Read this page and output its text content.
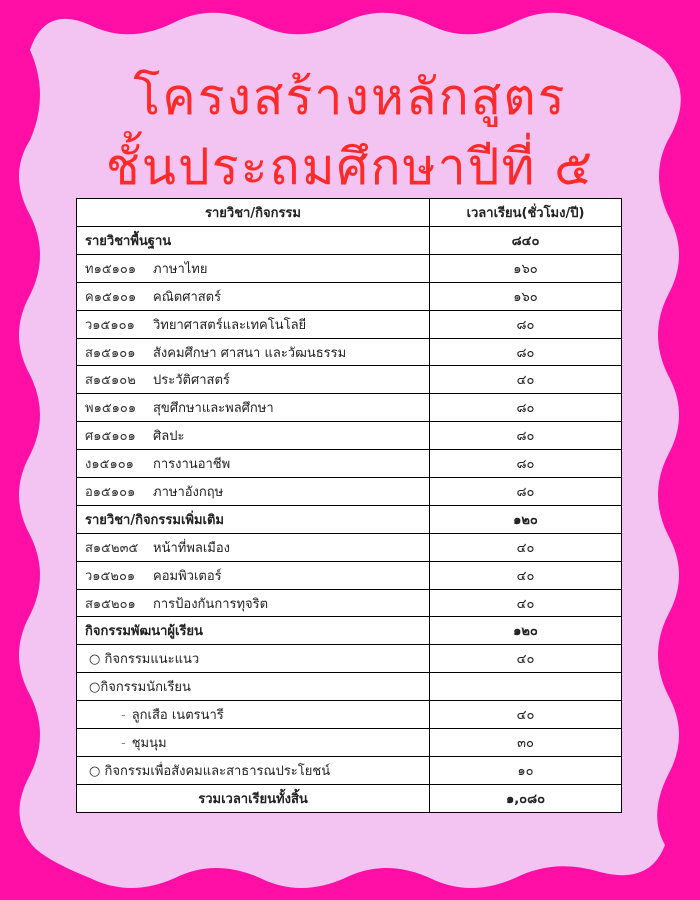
โครงสร้างหลักสูตร
ชั้นประถมศึกษาปีที่ ๕
รายวิชา/กิจกรรม	เวลาเรียน(ชั่วโมง/ปี)
รายวิชาพื้นฐาน	๘๔๐
ท๑๕๑๐๑ ภาษาไทย	๑๖๐
ค๑๕๑๐๑ คณิตศาสตร์	๑๖๐
ว๑๕๑๐๑ วิทยาศาสตร์และเทคโนโลยี	๘๐
ส๑๕๑๐๑ สังคมศึกษา ศาสนา และวัฒนธรรม	๘๐
ส๑๕๑๐๒ ประวัติศาสตร์	๔๐
พ๑๕๑๐๑ สุขศึกษาและพลศึกษา	๘๐
ศ๑๕๑๐๑ ศิลปะ	๘๐
ง๑๕๑๐๑ การงานอาชีพ	๘๐
อ๑๕๑๐๑ ภาษาอังกฤษ	๘๐
รายวิชา/กิจกรรมเพิ่มเติม	๑๒๐
ส๑๕๒๓๕ หน้าที่พลเมือง	๔๐
ว๑๕๒๐๑ คอมพิวเตอร์	๔๐
ส๑๕๒๐๑ การป้องกันการทุจริต	๔๐
กิจกรรมพัฒนาผู้เรียน	๑๒๐
○ กิจกรรมแนะแนว	๔๐
○กิจกรรมนักเรียน	
- ลูกเสือ เนตรนารี	๔๐
- ชุมนุม	๓๐
○ กิจกรรมเพื่อสังคมและสาธารณประโยชน์	๑๐
รวมเวลาเรียนทั้งสิ้น	๑,๐๘๐
